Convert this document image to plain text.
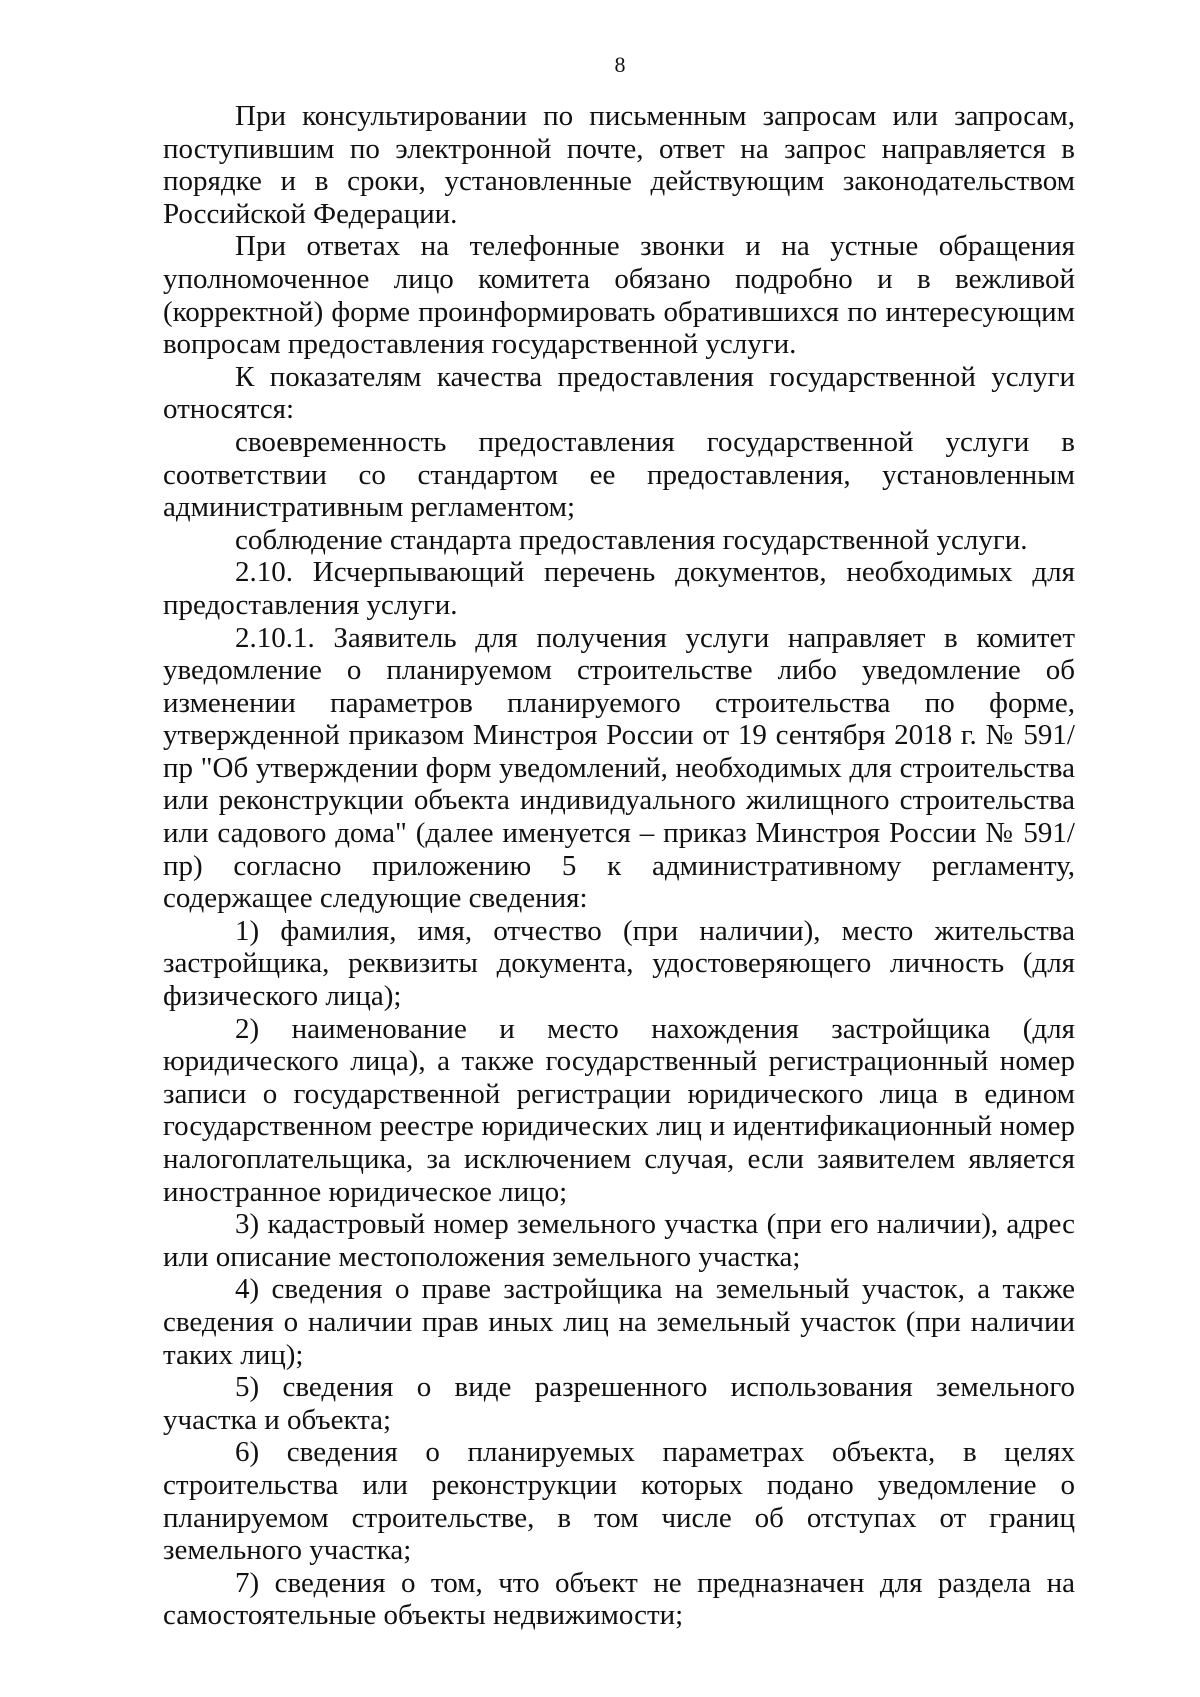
8

При консультировании по письменным запросам или запросам, поступившим по электронной почте, ответ на запрос направляется в порядке и в сроки, установленные действующим законодательством Российской Федерации.

При ответах на телефонные звонки и на устные обращения уполномоченное лицо комитета обязано подробно и в вежливой (корректной) форме проинформировать обратившихся по интересующим вопросам предоставления государственной услуги.

К показателям качества предоставления государственной услуги относятся:

своевременность предоставления государственной услуги в соответствии со стандартом ее предоставления, установленным административным регламентом;

соблюдение стандарта предоставления государственной услуги.

2.10. Исчерпывающий перечень документов, необходимых для предоставления услуги.

2.10.1. Заявитель для получения услуги направляет в комитет уведомление о планируемом строительстве либо уведомление об изменении параметров планируемого строительства по форме, утвержденной приказом Минстроя России от 19 сентября 2018 г. № 591/пр "Об утверждении форм уведомлений, необходимых для строительства или реконструкции объекта индивидуального жилищного строительства или садового дома" (далее именуется – приказ Минстроя России № 591/пр) согласно приложению 5 к административному регламенту, содержащее следующие сведения:

1) фамилия, имя, отчество (при наличии), место жительства застройщика, реквизиты документа, удостоверяющего личность (для физического лица);

2) наименование и место нахождения застройщика (для юридического лица), а также государственный регистрационный номер записи о государственной регистрации юридического лица в едином государственном реестре юридических лиц и идентификационный номер налогоплательщика, за исключением случая, если заявителем является иностранное юридическое лицо;

3) кадастровый номер земельного участка (при его наличии), адрес или описание местоположения земельного участка;

4) сведения о праве застройщика на земельный участок, а также сведения о наличии прав иных лиц на земельный участок (при наличии таких лиц);

5) сведения о виде разрешенного использования земельного участка и объекта;

6) сведения о планируемых параметрах объекта, в целях строительства или реконструкции которых подано уведомление о планируемом строительстве, в том числе об отступах от границ земельного участка;

7) сведения о том, что объект не предназначен для раздела на самостоятельные объекты недвижимости;
